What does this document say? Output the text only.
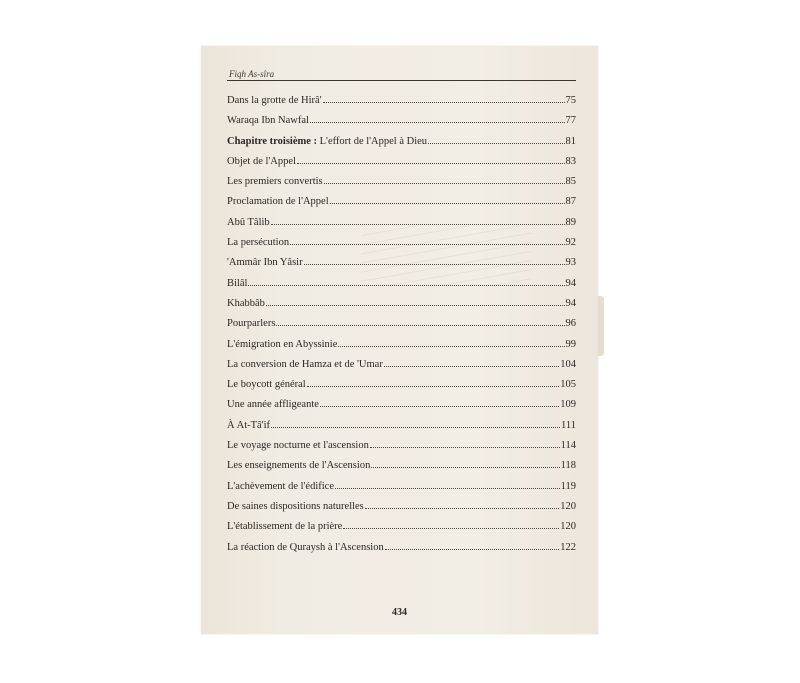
Fiqh As-sîra
Dans la grotte de Hirâ'	75
Waraqa Ibn Nawfal	77
Chapitre troisième : L'effort de l'Appel à Dieu	81
Objet de l'Appel	83
Les premiers convertis	85
Proclamation de l'Appel	87
Abû Tâlib	89
La persécution	92
'Ammâr Ibn Yâsir	93
Bilâl	94
Khabbâb	94
Pourparlers	96
L'émigration en Abyssinie	99
La conversion de Hamza et de 'Umar	104
Le boycott général	105
Une année affligeante	109
À At-Tâ'if	111
Le voyage nocturne et l'ascension	114
Les enseignements de l'Ascension	118
L'achèvement de l'édifice	119
De saines dispositions naturelles	120
L'établissement de la prière	120
La réaction de Quraysh à l'Ascension	122
434
